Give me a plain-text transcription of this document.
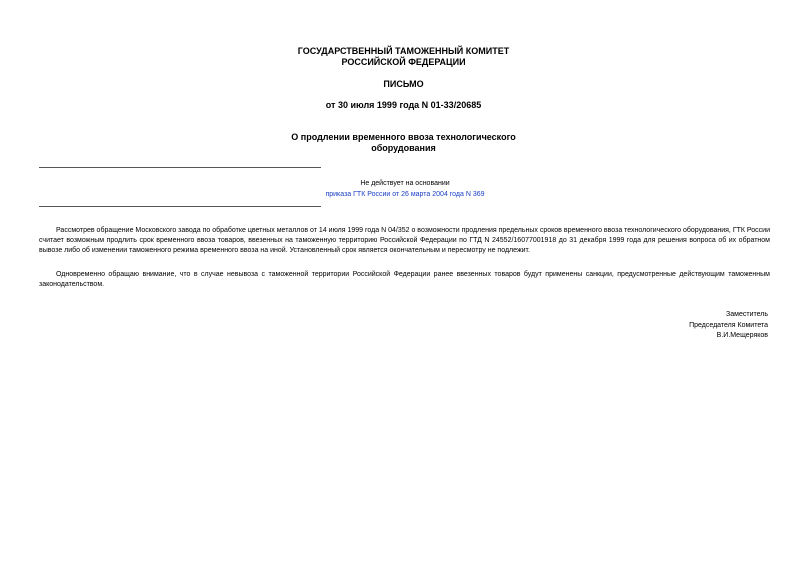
ГОСУДАРСТВЕННЫЙ ТАМОЖЕННЫЙ КОМИТЕТ
РОССИЙСКОЙ ФЕДЕРАЦИИ
ПИСЬМО
от 30 июля 1999 года N 01-33/20685
О продлении временного ввоза технологического
оборудования
Не действует на основании
приказа ГТК России от 26 марта 2004 года N 369
Рассмотрев обращение Московского завода по обработке цветных металлов от 14 июля 1999 года N 04/352 о возможности продления предельных сроков временного ввоза технологического оборудования, ГТК России считает возможным продлить срок временного ввоза товаров, ввезенных на таможенную территорию Российской Федерации по ГТД N 24552/16077001918 до 31 декабря 1999 года для решения вопроса об их обратном вывозе либо об изменении таможенного режима временного ввоза на иной. Установленный срок является окончательным и пересмотру не подлежит.
Одновременно обращаю внимание, что в случае невывоза с таможенной территории Российской Федерации ранее ввезенных товаров будут применены санкции, предусмотренные действующим таможенным законодательством.
Заместитель
Председателя Комитета
В.И.Мещеряков
